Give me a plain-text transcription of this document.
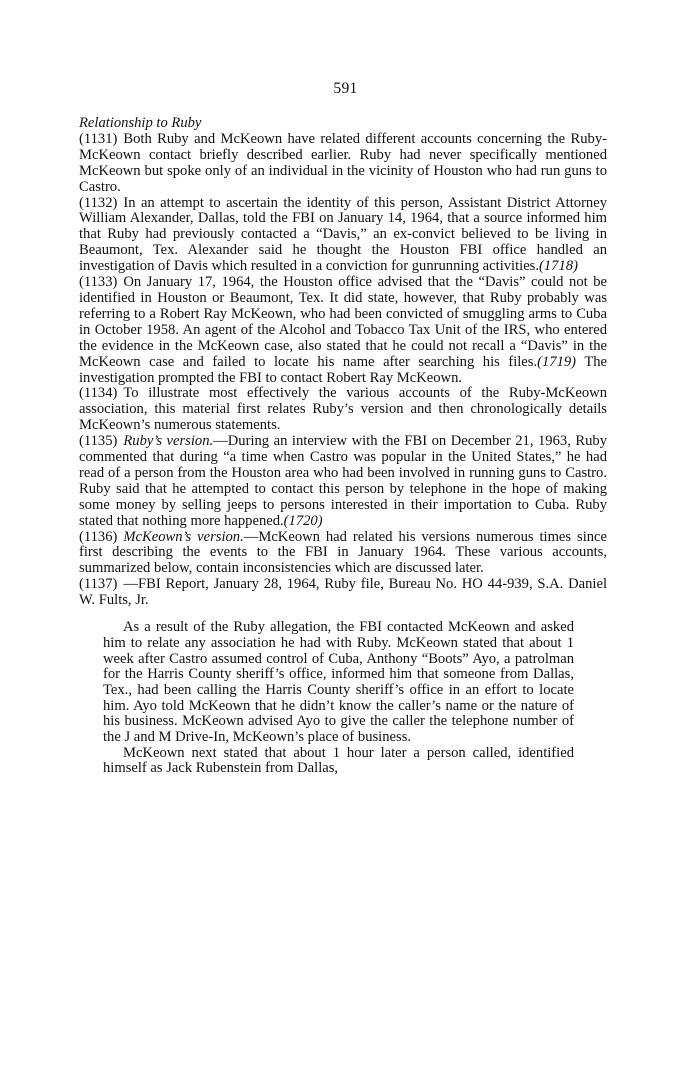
591

Relationship to Ruby

(1131) Both Ruby and McKeown have related different accounts concerning the Ruby-McKeown contact briefly described earlier. Ruby had never specifically mentioned McKeown but spoke only of an individual in the vicinity of Houston who had run guns to Castro.

(1132) In an attempt to ascertain the identity of this person, Assistant District Attorney William Alexander, Dallas, told the FBI on January 14, 1964, that a source informed him that Ruby had previously contacted a “Davis,” an ex-convict believed to be living in Beaumont, Tex. Alexander said he thought the Houston FBI office handled an investigation of Davis which resulted in a conviction for gunrunning activities.(1718)

(1133) On January 17, 1964, the Houston office advised that the “Davis” could not be identified in Houston or Beaumont, Tex. It did state, however, that Ruby probably was referring to a Robert Ray McKeown, who had been convicted of smuggling arms to Cuba in October 1958. An agent of the Alcohol and Tobacco Tax Unit of the IRS, who entered the evidence in the McKeown case, also stated that he could not recall a “Davis” in the McKeown case and failed to locate his name after searching his files.(1719) The investigation prompted the FBI to contact Robert Ray McKeown.

(1134) To illustrate most effectively the various accounts of the Ruby-McKeown association, this material first relates Ruby’s version and then chronologically details McKeown’s numerous statements.

(1135) Ruby’s version.—During an interview with the FBI on December 21, 1963, Ruby commented that during “a time when Castro was popular in the United States,” he had read of a person from the Houston area who had been involved in running guns to Castro. Ruby said that he attempted to contact this person by telephone in the hope of making some money by selling jeeps to persons interested in their importation to Cuba. Ruby stated that nothing more happened.(1720)

(1136) McKeown’s version.—McKeown had related his versions numerous times since first describing the events to the FBI in January 1964. These various accounts, summarized below, contain inconsistencies which are discussed later.

(1137) —FBI Report, January 28, 1964, Ruby file, Bureau No. HO 44-939, S.A. Daniel W. Fults, Jr.

As a result of the Ruby allegation, the FBI contacted McKeown and asked him to relate any association he had with Ruby. McKeown stated that about 1 week after Castro assumed control of Cuba, Anthony “Boots” Ayo, a patrolman for the Harris County sheriff’s office, informed him that someone from Dallas, Tex., had been calling the Harris County sheriff’s office in an effort to locate him. Ayo told McKeown that he didn’t know the caller’s name or the nature of his business. McKeown advised Ayo to give the caller the telephone number of the J and M Drive-In, McKeown’s place of business.

McKeown next stated that about 1 hour later a person called, identified himself as Jack Rubenstein from Dallas,
